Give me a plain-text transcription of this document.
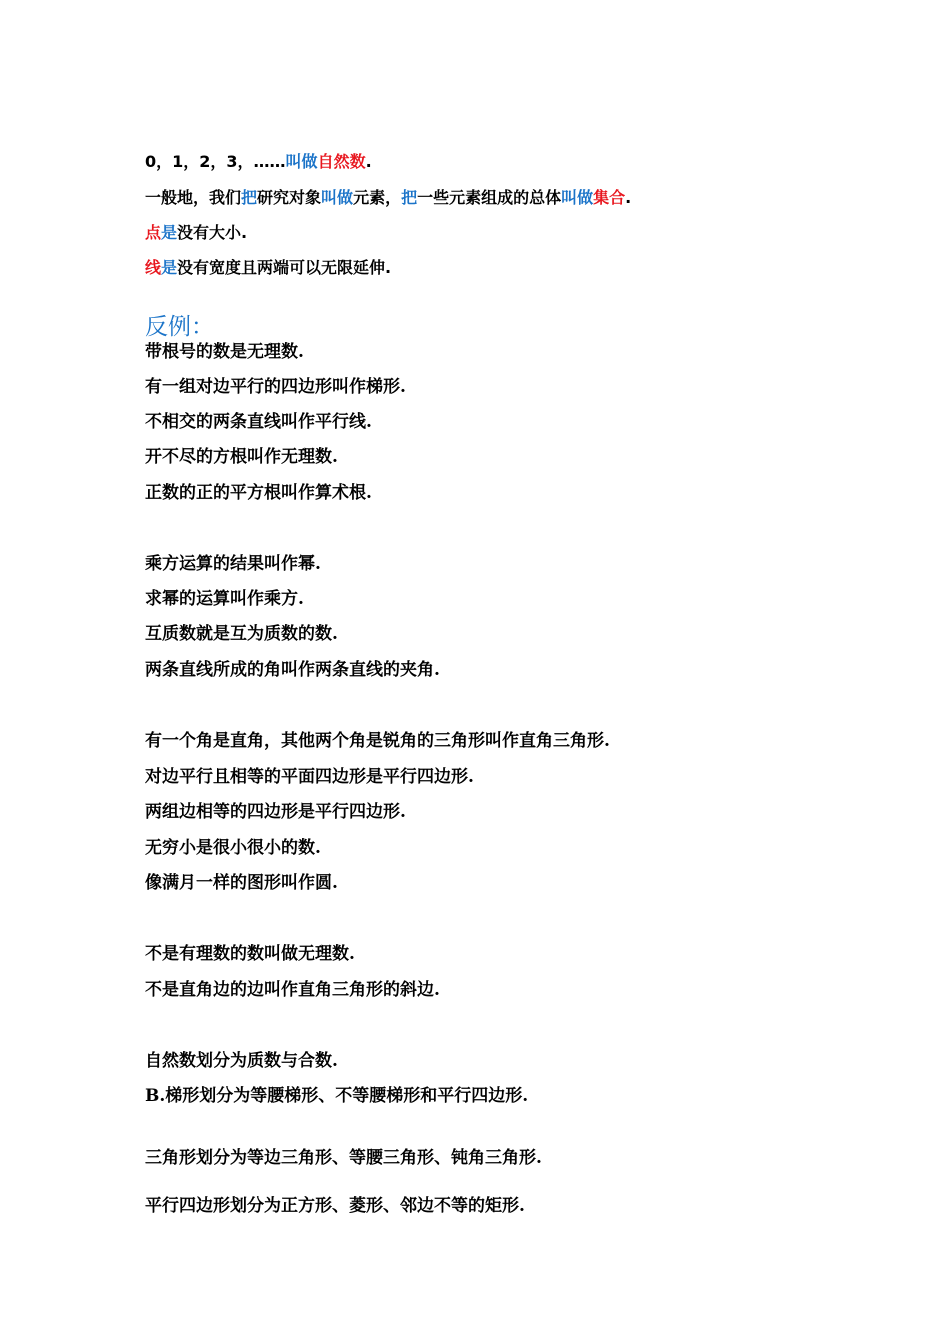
0，1，2，3，……叫做自然数.
一般地，我们把研究对象叫做元素，把一些元素组成的总体叫做集合.
点是没有大小.
线是没有宽度且两端可以无限延伸.
反例：
带根号的数是无理数.
有一组对边平行的四边形叫作梯形.
不相交的两条直线叫作平行线.
开不尽的方根叫作无理数.
正数的正的平方根叫作算术根.
乘方运算的结果叫作幂.
求幂的运算叫作乘方.
互质数就是互为质数的数.
两条直线所成的角叫作两条直线的夹角.
有一个角是直角，其他两个角是锐角的三角形叫作直角三角形.
对边平行且相等的平面四边形是平行四边形.
两组边相等的四边形是平行四边形.
无穷小是很小很小的数.
像满月一样的图形叫作圆.
不是有理数的数叫做无理数.
不是直角边的边叫作直角三角形的斜边.
自然数划分为质数与合数.
B.梯形划分为等腰梯形、不等腰梯形和平行四边形.
三角形划分为等边三角形、等腰三角形、钝角三角形.
平行四边形划分为正方形、菱形、邻边不等的矩形.
